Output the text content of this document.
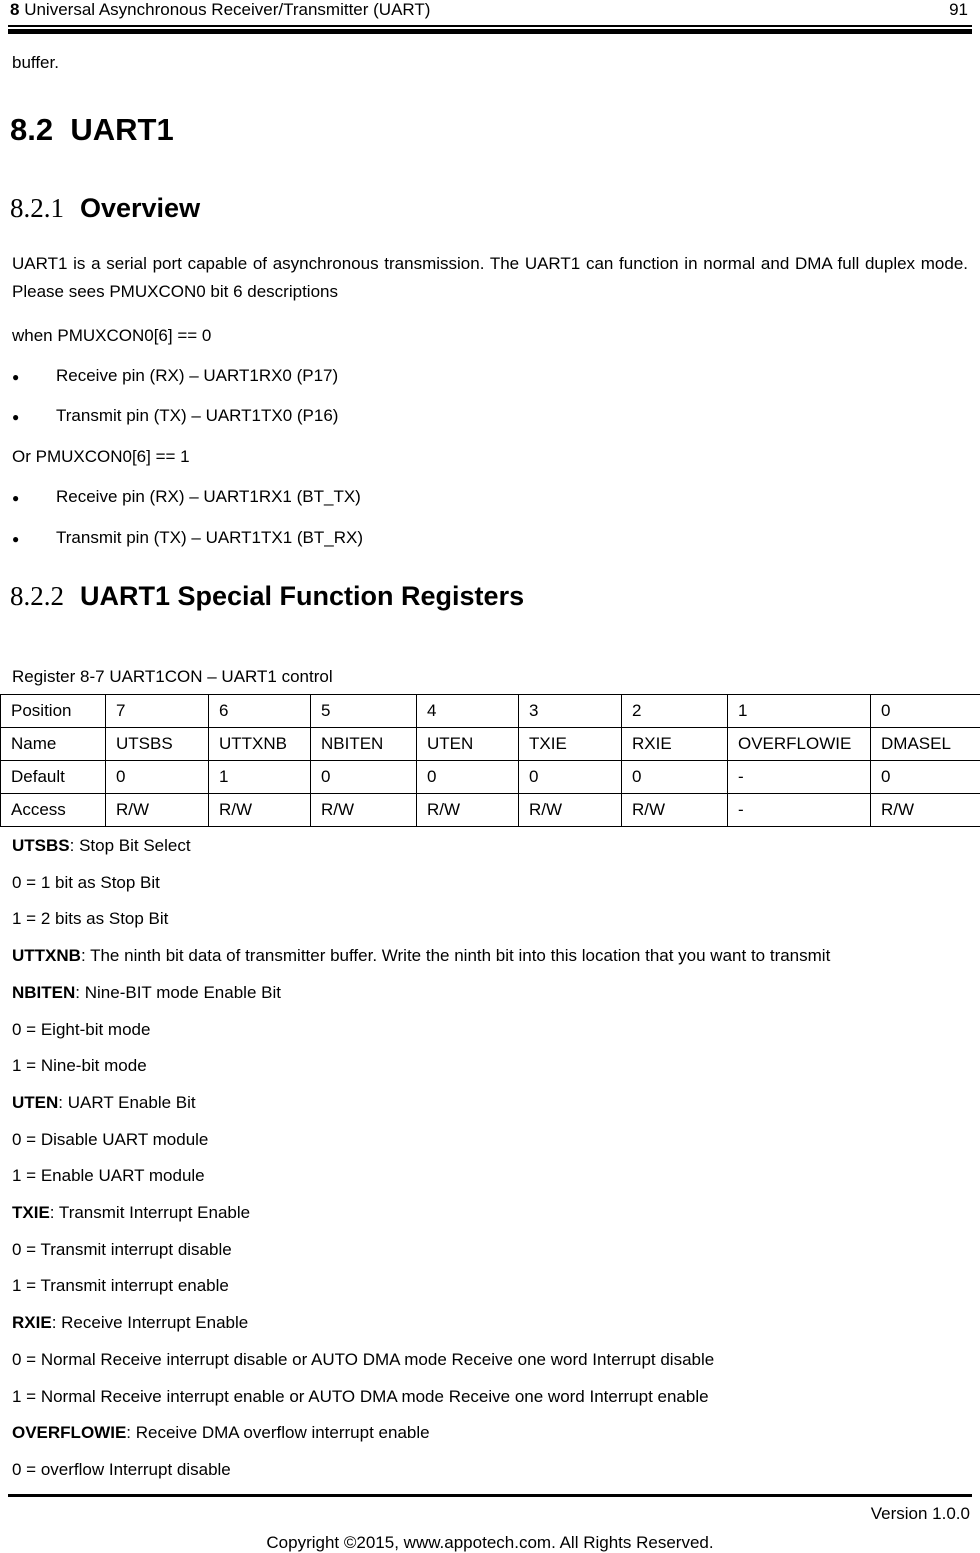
8 Universal Asynchronous Receiver/Transmitter (UART)	91
buffer.
8.2 UART1
8.2.1 Overview
UART1 is a serial port capable of asynchronous transmission. The UART1 can function in normal and DMA full duplex mode. Please sees PMUXCON0 bit 6 descriptions
when PMUXCON0[6] == 0
● Receive pin (RX) – UART1RX0 (P17)
● Transmit pin (TX) – UART1TX0 (P16)
Or PMUXCON0[6] == 1
● Receive pin (RX) – UART1RX1 (BT_TX)
● Transmit pin (TX) – UART1TX1 (BT_RX)
8.2.2 UART1 Special Function Registers
Register 8-7 UART1CON – UART1 control
Position	7	6	5	4	3	2	1	0
Name	UTSBS	UTTXNB	NBITEN	UTEN	TXIE	RXIE	OVERFLOWIE	DMASEL
Default	0	1	0	0	0	0	-	0
Access	R/W	R/W	R/W	R/W	R/W	R/W	-	R/W
UTSBS: Stop Bit Select
0 = 1 bit as Stop Bit
1 = 2 bits as Stop Bit
UTTXNB: The ninth bit data of transmitter buffer. Write the ninth bit into this location that you want to transmit
NBITEN: Nine-BIT mode Enable Bit
0 = Eight-bit mode
1 = Nine-bit mode
UTEN: UART Enable Bit
0 = Disable UART module
1 = Enable UART module
TXIE: Transmit Interrupt Enable
0 = Transmit interrupt disable
1 = Transmit interrupt enable
RXIE: Receive Interrupt Enable
0 = Normal Receive interrupt disable or AUTO DMA mode Receive one word Interrupt disable
1 = Normal Receive interrupt enable or AUTO DMA mode Receive one word Interrupt enable
OVERFLOWIE: Receive DMA overflow interrupt enable
0 = overflow Interrupt disable
Version 1.0.0
Copyright ©2015, www.appotech.com. All Rights Reserved.
